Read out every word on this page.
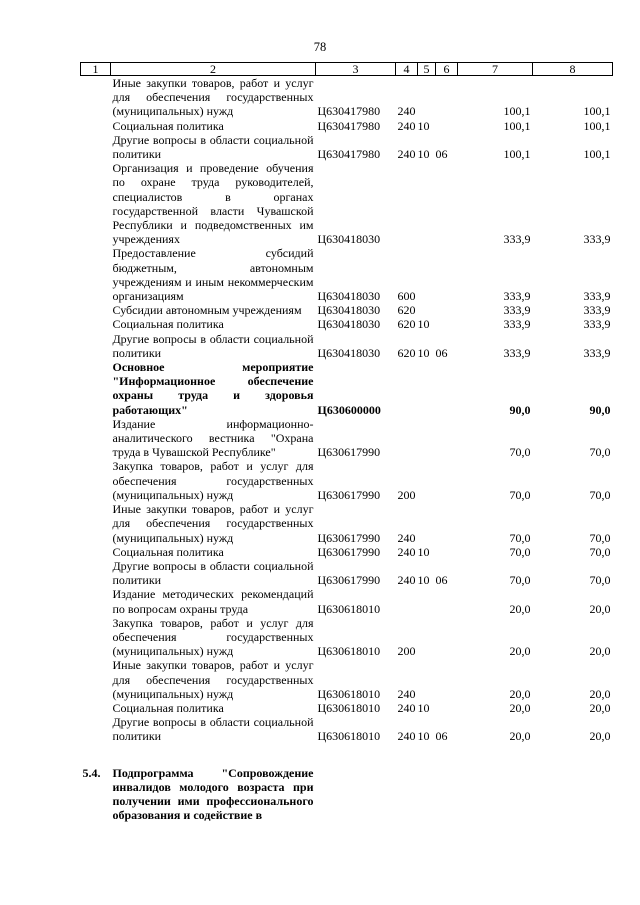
78
1	2	3	4	5	6	7	8
	Иные закупки товаров, работ и услуг для обеспечения государственных (муниципальных) нужд	Ц630417980	240			100,1	100,1
	Социальная политика	Ц630417980	240	10		100,1	100,1
	Другие вопросы в области социальной политики	Ц630417980	240	10	06	100,1	100,1
	Организация и проведение обучения по охране труда руководителей, специалистов в органах государственной власти Чувашской Республики и подведомственных им учреждениях	Ц630418030				333,9	333,9
	Предоставление субсидий бюджетным, автономным учреждениям и иным некоммерческим организациям	Ц630418030	600			333,9	333,9
	Субсидии автономным учреждениям	Ц630418030	620			333,9	333,9
	Социальная политика	Ц630418030	620	10		333,9	333,9
	Другие вопросы в области социальной политики	Ц630418030	620	10	06	333,9	333,9
	Основное мероприятие "Информационное обеспечение охраны труда и здоровья работающих"	Ц630600000				90,0	90,0
	Издание информационно-аналитического вестника "Охрана труда в Чувашской Республике"	Ц630617990				70,0	70,0
	Закупка товаров, работ и услуг для обеспечения государственных (муниципальных) нужд	Ц630617990	200			70,0	70,0
	Иные закупки товаров, работ и услуг для обеспечения государственных (муниципальных) нужд	Ц630617990	240			70,0	70,0
	Социальная политика	Ц630617990	240	10		70,0	70,0
	Другие вопросы в области социальной политики	Ц630617990	240	10	06	70,0	70,0
	Издание методических рекомендаций по вопросам охраны труда	Ц630618010				20,0	20,0
	Закупка товаров, работ и услуг для обеспечения государственных (муниципальных) нужд	Ц630618010	200			20,0	20,0
	Иные закупки товаров, работ и услуг для обеспечения государственных (муниципальных) нужд	Ц630618010	240			20,0	20,0
	Социальная политика	Ц630618010	240	10		20,0	20,0
	Другие вопросы в области социальной политики	Ц630618010	240	10	06	20,0	20,0

5.4.	Подпрограмма "Сопровождение инвалидов молодого возраста при получении ими профессионального образования и содействие в						
